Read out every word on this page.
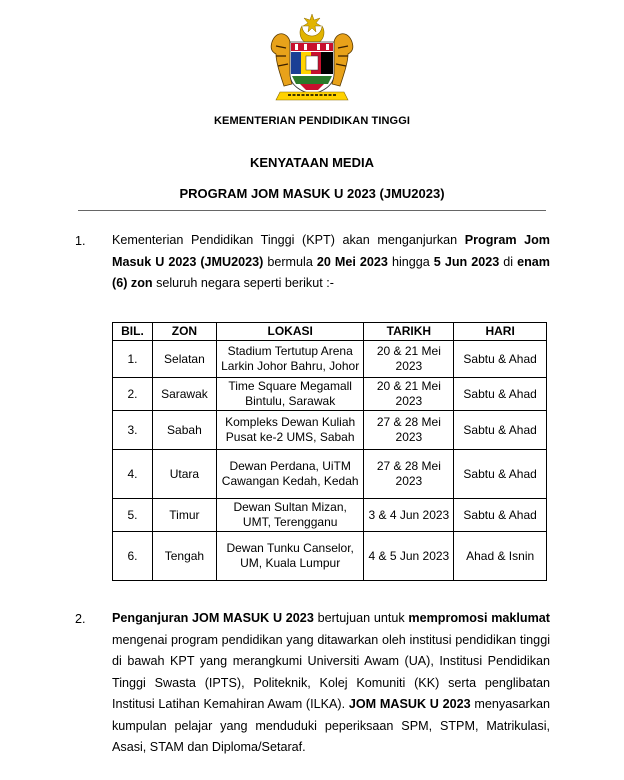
KEMENTERIAN PENDIDIKAN TINGGI
KENYATAAN MEDIA
PROGRAM JOM MASUK U 2023 (JMU2023)
1. Kementerian Pendidikan Tinggi (KPT) akan menganjurkan Program Jom Masuk U 2023 (JMU2023) bermula 20 Mei 2023 hingga 5 Jun 2023 di enam (6) zon seluruh negara seperti berikut :-
BIL.	ZON	LOKASI	TARIKH	HARI
1.	Selatan	Stadium Tertutup Arena Larkin Johor Bahru, Johor	20 & 21 Mei 2023	Sabtu & Ahad
2.	Sarawak	Time Square Megamall Bintulu, Sarawak	20 & 21 Mei 2023	Sabtu & Ahad
3.	Sabah	Kompleks Dewan Kuliah Pusat ke-2 UMS, Sabah	27 & 28 Mei 2023	Sabtu & Ahad
4.	Utara	Dewan Perdana, UiTM Cawangan Kedah, Kedah	27 & 28 Mei 2023	Sabtu & Ahad
5.	Timur	Dewan Sultan Mizan, UMT, Terengganu	3 & 4 Jun 2023	Sabtu & Ahad
6.	Tengah	Dewan Tunku Canselor, UM, Kuala Lumpur	4 & 5 Jun 2023	Ahad & Isnin
2. Penganjuran JOM MASUK U 2023 bertujuan untuk mempromosi maklumat mengenai program pendidikan yang ditawarkan oleh institusi pendidikan tinggi di bawah KPT yang merangkumi Universiti Awam (UA), Institusi Pendidikan Tinggi Swasta (IPTS), Politeknik, Kolej Komuniti (KK) serta penglibatan Institusi Latihan Kemahiran Awam (ILKA). JOM MASUK U 2023 menyasarkan kumpulan pelajar yang menduduki peperiksaan SPM, STPM, Matrikulasi, Asasi, STAM dan Diploma/Setaraf.
